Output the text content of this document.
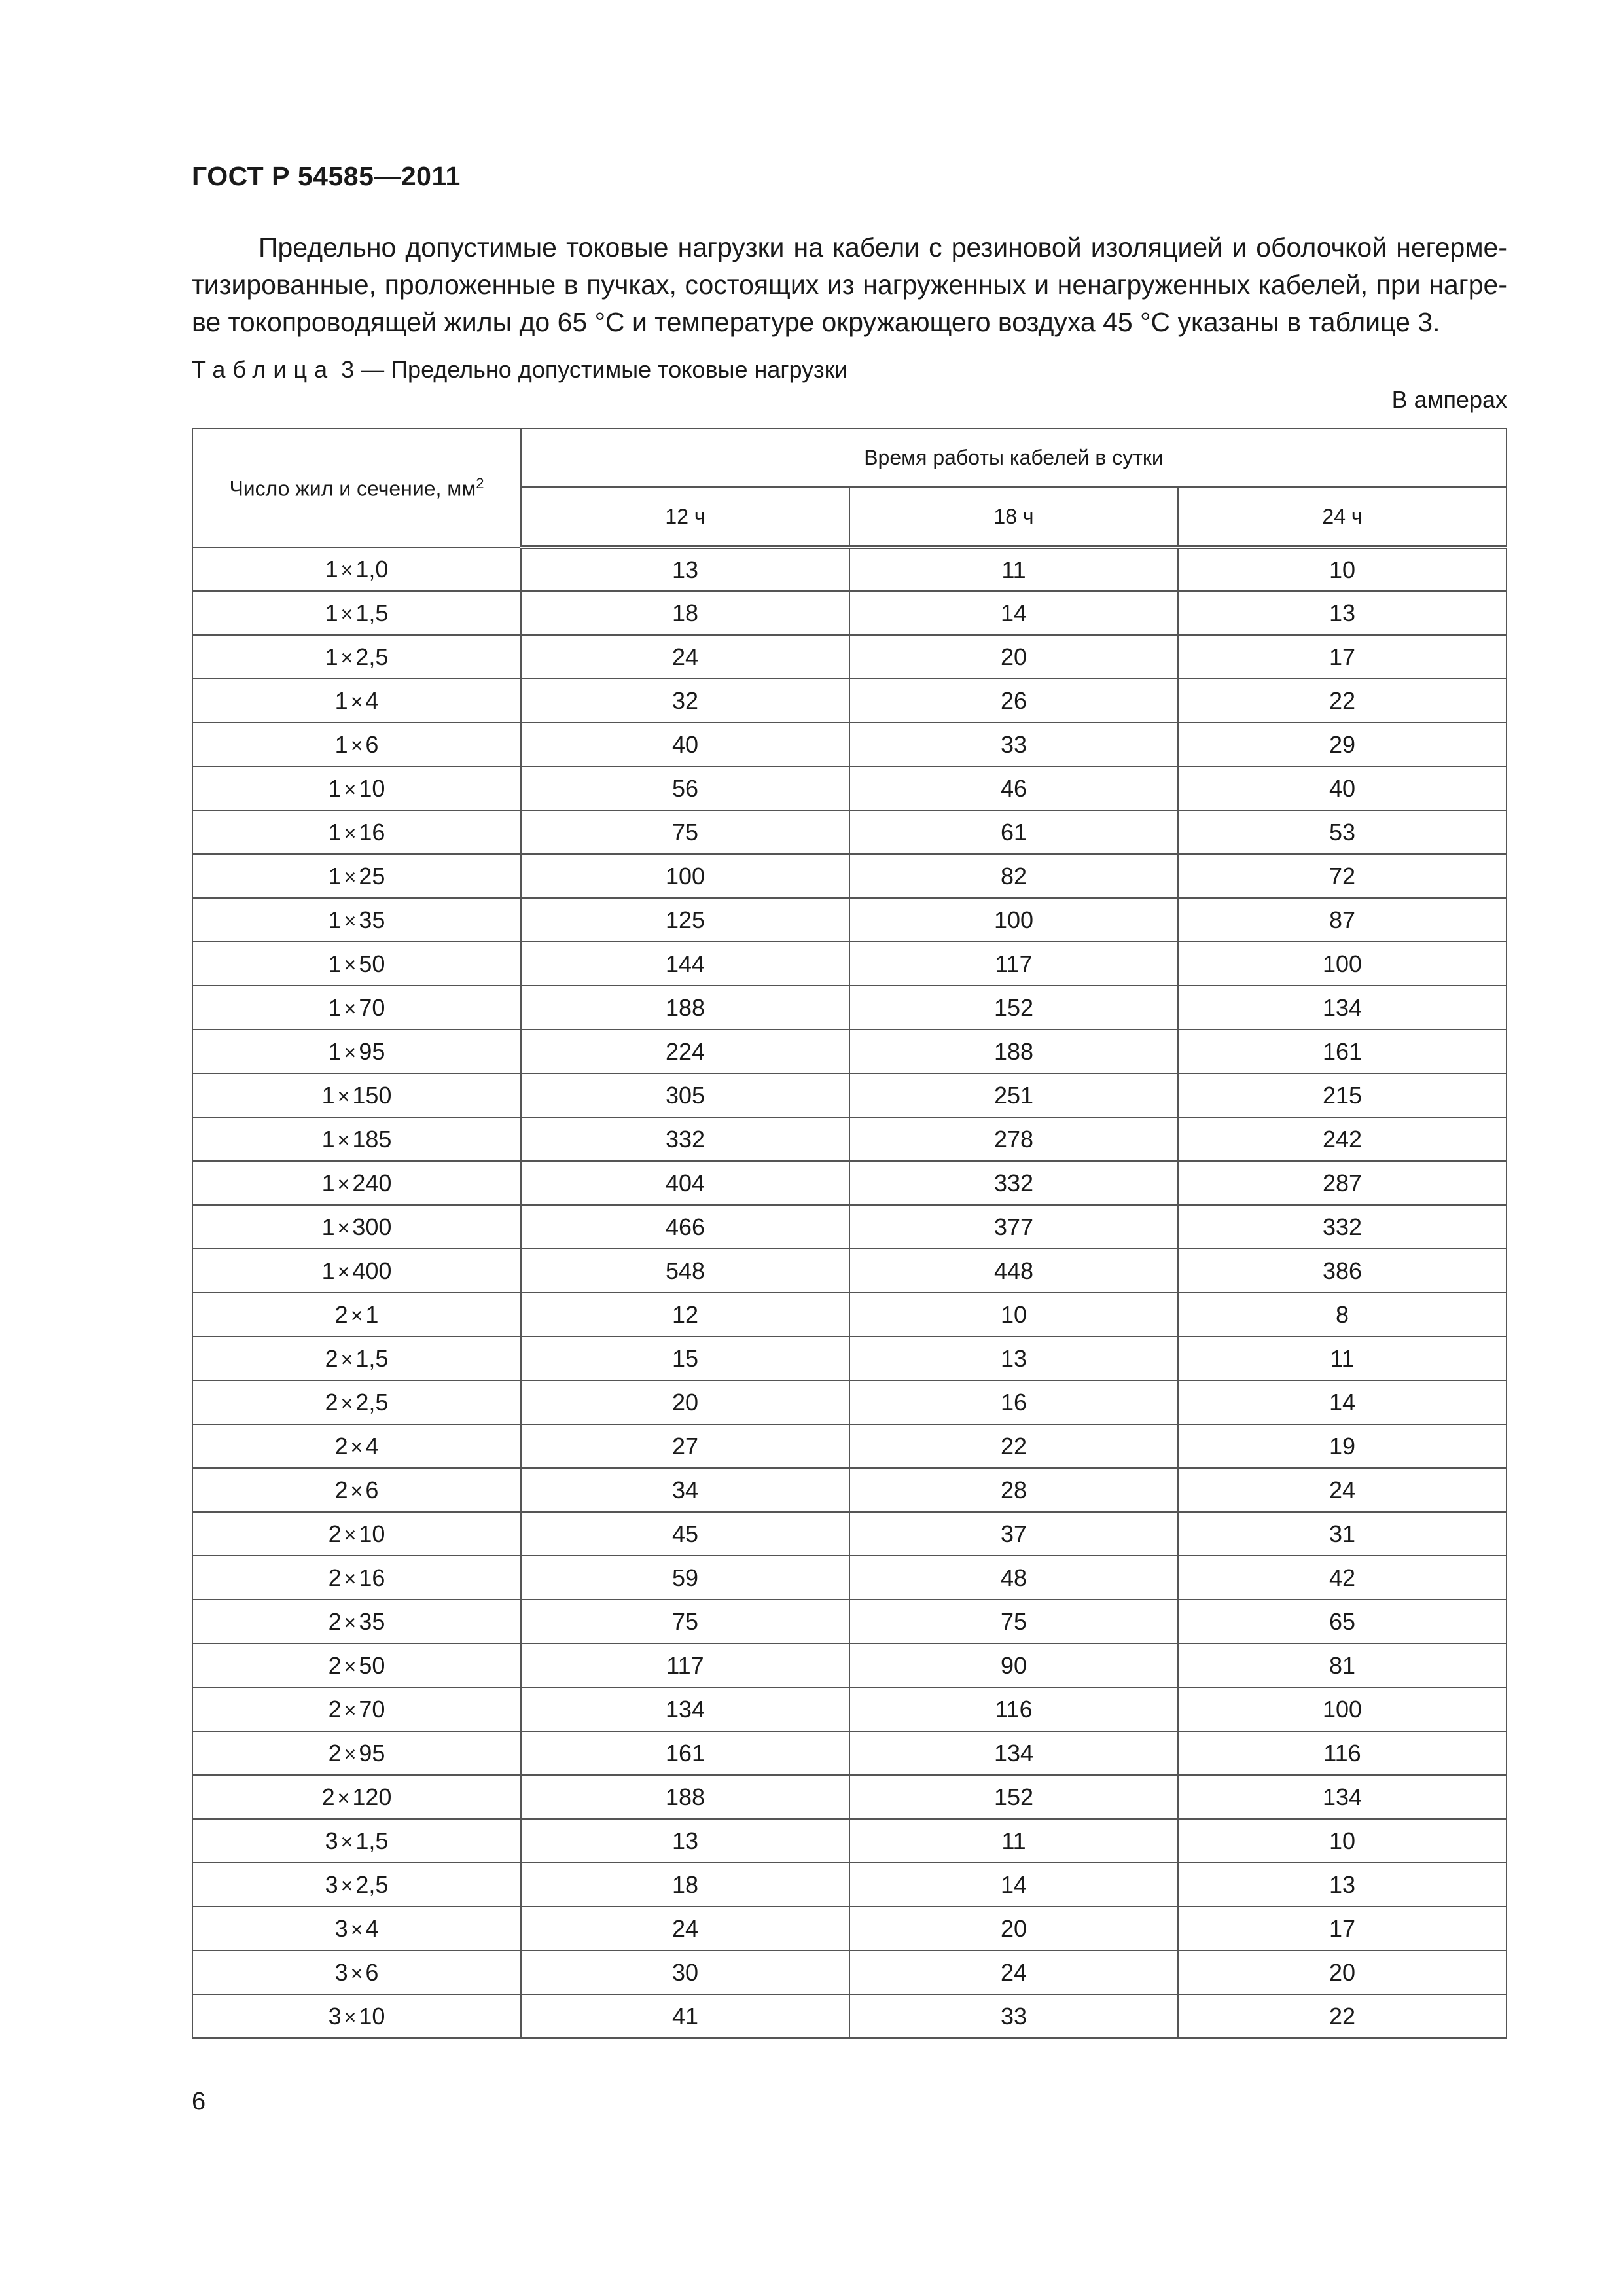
ГОСТ Р 54585—2011
Предельно допустимые токовые нагрузки на кабели с резиновой изоляцией и оболочкой негерме-
тизированные, проложенные в пучках, состоящих из нагруженных и ненагруженных кабелей, при нагре-
ве токопроводящей жилы до 65 °С и температуре окружающего воздуха 45 °С указаны в таблице 3.
Таблица 3 — Предельно допустимые токовые нагрузки
В амперах
Число жил и сечение, $мм^2$	Время работы кабелей в сутки		
	12 ч	18 ч	24 ч
1 × 1,0	13	11	10
1 × 1,5	18	14	13
1 × 2,5	24	20	17
1 × 4	32	26	22
1 × 6	40	33	29
1 × 10	56	46	40
1 × 16	75	61	53
1 × 25	100	82	72
1 × 35	125	100	87
1 × 50	144	117	100
1 × 70	188	152	134
1 × 95	224	188	161
1 × 150	305	251	215
1 × 185	332	278	242
1 × 240	404	332	287
1 × 300	466	377	332
1 × 400	548	448	386
2 × 1	12	10	8
2 × 1,5	15	13	11
2 × 2,5	20	16	14
2 × 4	27	22	19
2 × 6	34	28	24
2 × 10	45	37	31
2 × 16	59	48	42
2 × 35	75	75	65
2 × 50	117	90	81
2 × 70	134	116	100
2 × 95	161	134	116
2 × 120	188	152	134
3 × 1,5	13	11	10
3 × 2,5	18	14	13
3 × 4	24	20	17
3 × 6	30	24	20
3 × 10	41	33	22
6
